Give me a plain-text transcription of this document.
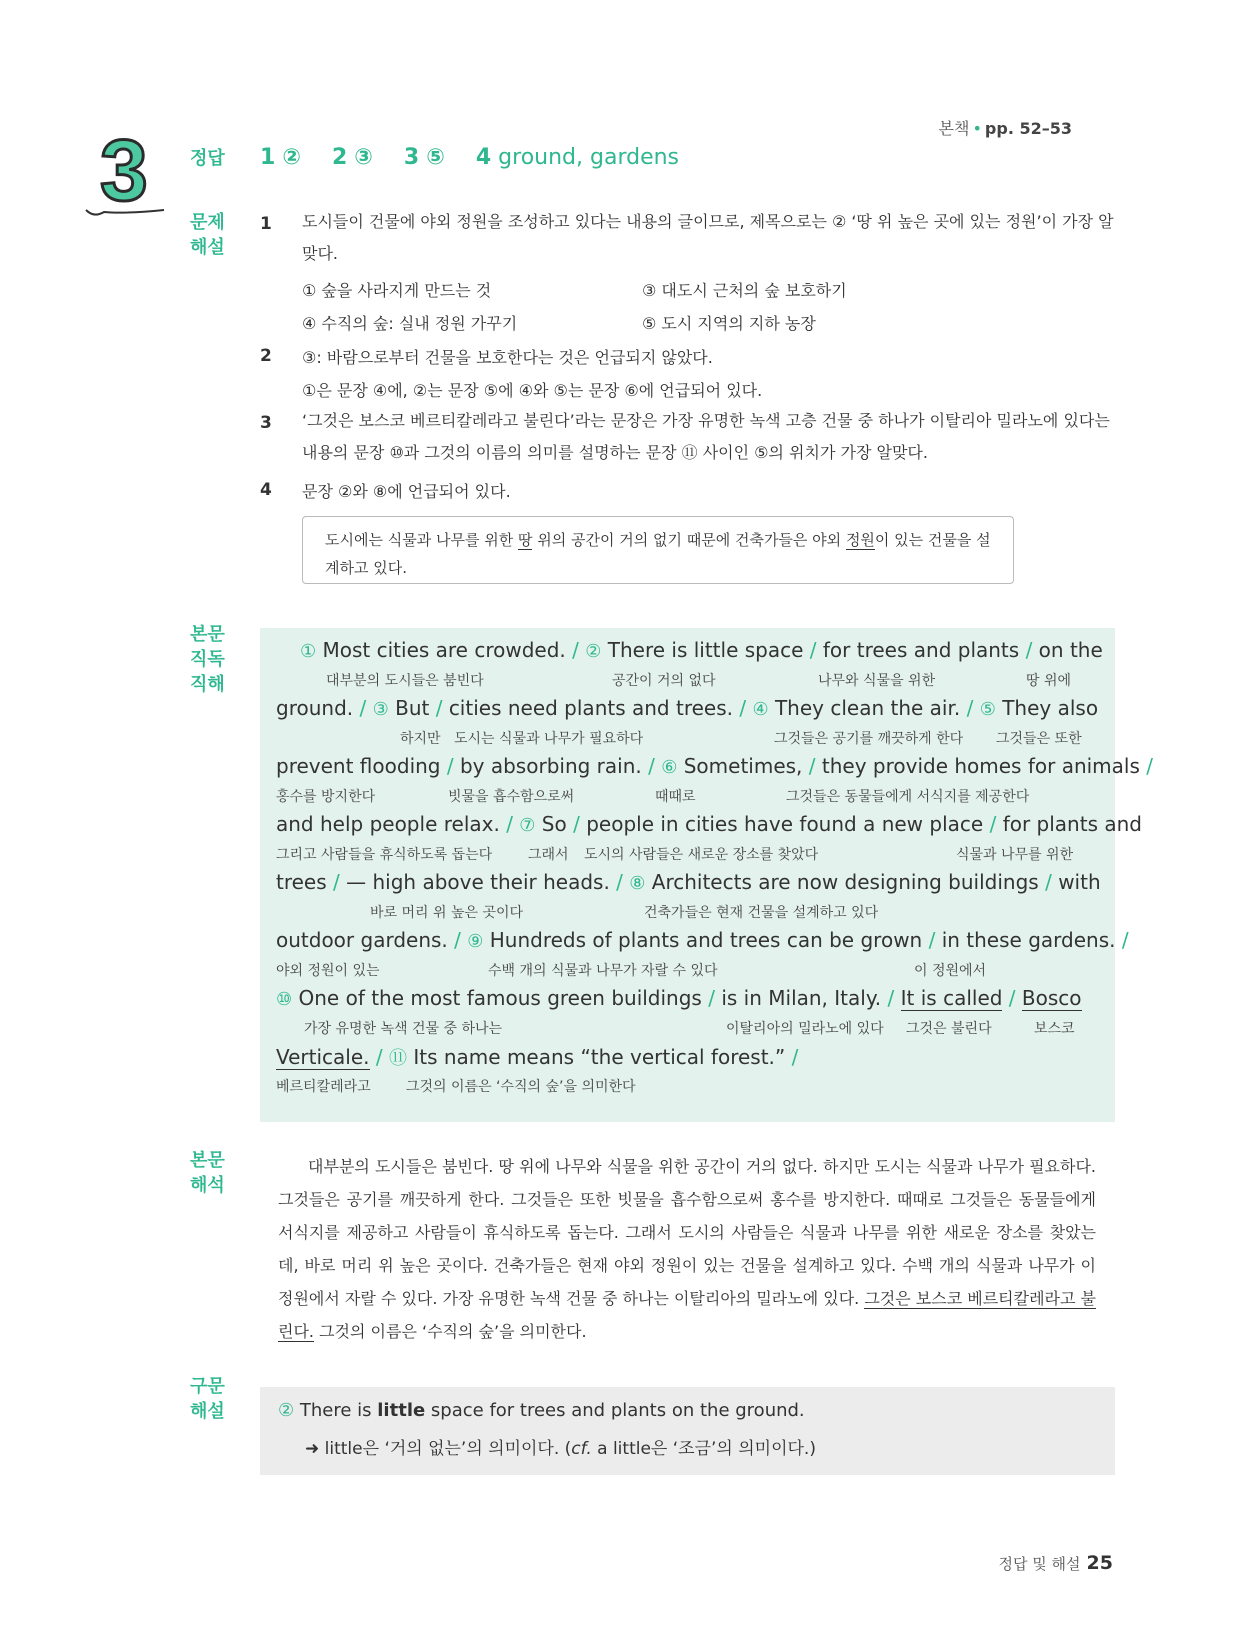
본책 • pp. 52–53
3	정답	1 ② 2 ③ 3 ⑤ 4 ground, gardens
문제
해설
1 도시들이 건물에 야외 정원을 조성하고 있다는 내용의 글이므로, 제목으로는 ② ‘땅 위 높은 곳에 있는 정원’이 가장 알맞다.
① 숲을 사라지게 만드는 것	③ 대도시 근처의 숲 보호하기
④ 수직의 숲: 실내 정원 가꾸기	⑤ 도시 지역의 지하 농장
2 ③: 바람으로부터 건물을 보호한다는 것은 언급되지 않았다.
①은 문장 ④에, ②는 문장 ⑤에 ④와 ⑤는 문장 ⑥에 언급되어 있다.
3 ‘그것은 보스코 베르티칼레라고 불린다’라는 문장은 가장 유명한 녹색 고층 건물 중 하나가 이탈리아 밀라노에 있다는 내용의 문장 ⑩과 그것의 이름의 의미를 설명하는 문장 ⑪ 사이인 ⑤의 위치가 가장 알맞다.
4 문장 ②와 ⑧에 언급되어 있다.
도시에는 식물과 나무를 위한 땅 위의 공간이 거의 없기 때문에 건축가들은 야외 정원이 있는 건물을 설계하고 있다.
본문
직독
직해
① Most cities are crowded. / ② There is little space / for trees and plants / on the
대부분의 도시들은 붐빈다	공간이 거의 없다	나무와 식물을 위한	땅 위에
ground. / ③ But / cities need plants and trees. / ④ They clean the air. / ⑤ They also
하지만 도시는 식물과 나무가 필요하다	그것들은 공기를 깨끗하게 한다 그것들은 또한
prevent flooding / by absorbing rain. / ⑥ Sometimes, / they provide homes for animals /
홍수를 방지한다	빗물을 흡수함으로써	때때로	그것들은 동물들에게 서식지를 제공한다
and help people relax. / ⑦ So / people in cities have found a new place / for plants and
그리고 사람들을 휴식하도록 돕는다	그래서 도시의 사람들은 새로운 장소를 찾았다	식물과 나무를 위한
trees / — high above their heads. / ⑧ Architects are now designing buildings / with
바로 머리 위 높은 곳이다	건축가들은 현재 건물을 설계하고 있다
outdoor gardens. / ⑨ Hundreds of plants and trees can be grown / in these gardens. /
야외 정원이 있는	수백 개의 식물과 나무가 자랄 수 있다	이 정원에서
⑩ One of the most famous green buildings / is in Milan, Italy. / It is called / Bosco
가장 유명한 녹색 건물 중 하나는	이탈리아의 밀라노에 있다 그것은 불린다	보스코
Verticale. / ⑪ Its name means “the vertical forest.” /
베르티칼레라고	그것의 이름은 ‘수직의 숲’을 의미한다
본문
해석
대부분의 도시들은 붐빈다. 땅 위에 나무와 식물을 위한 공간이 거의 없다. 하지만 도시는 식물과 나무가 필요하다. 그것들은 공기를 깨끗하게 한다. 그것들은 또한 빗물을 흡수함으로써 홍수를 방지한다. 때때로 그것들은 동물들에게 서식지를 제공하고 사람들이 휴식하도록 돕는다. 그래서 도시의 사람들은 식물과 나무를 위한 새로운 장소를 찾았는데, 바로 머리 위 높은 곳이다. 건축가들은 현재 야외 정원이 있는 건물을 설계하고 있다. 수백 개의 식물과 나무가 이 정원에서 자랄 수 있다. 가장 유명한 녹색 건물 중 하나는 이탈리아의 밀라노에 있다. 그것은 보스코 베르티칼레라고 불린다. 그것의 이름은 ‘수직의 숲’을 의미한다.
구문
해설	② There is little space for trees and plants on the ground.
➜ little은 ‘거의 없는’의 의미이다. (cf. a little은 ‘조금’의 의미이다.)
정답 및 해설 25
